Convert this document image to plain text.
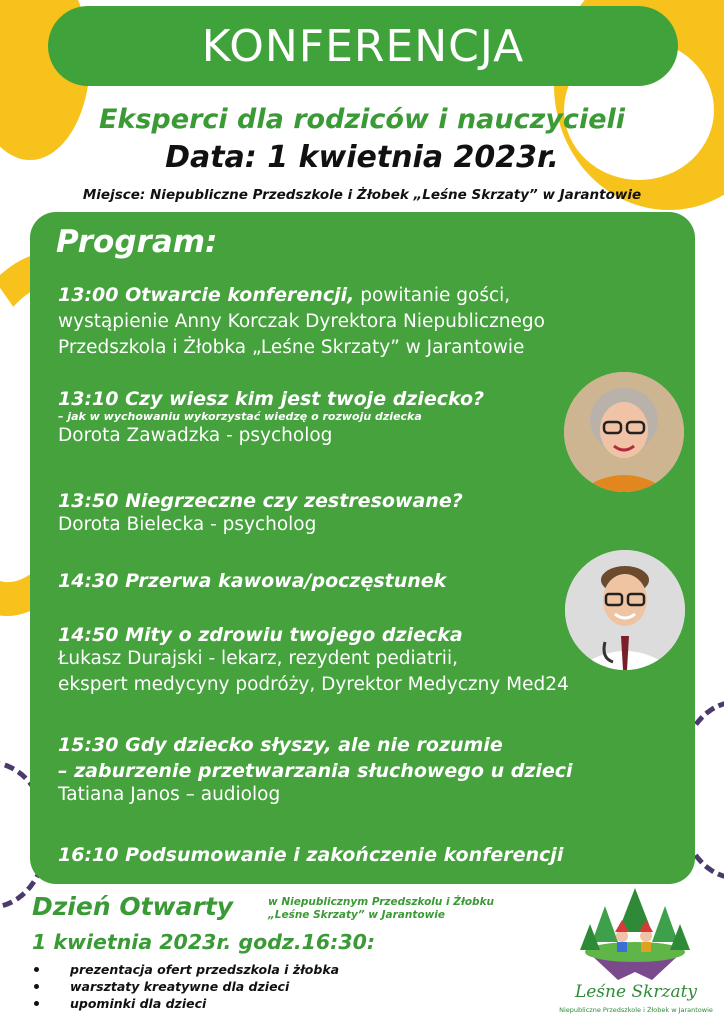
KONFERENCJA
Eksperci dla rodziców i nauczycieli
Data: 1 kwietnia 2023r.
Miejsce: Niepubliczne Przedszkole i Żłobek „Leśne Skrzaty” w Jarantowie
Program:
13:00 Otwarcie konferencji, powitanie gości,
wystąpienie Anny Korczak Dyrektora Niepublicznego
Przedszkola i Żłobka „Leśne Skrzaty” w Jarantowie
13:10 Czy wiesz kim jest twoje dziecko?
– jak w wychowaniu wykorzystać wiedzę o rozwoju dziecka
Dorota Zawadzka - psycholog
13:50 Niegrzeczne czy zestresowane?
Dorota Bielecka - psycholog
14:30 Przerwa kawowa/poczęstunek
14:50 Mity o zdrowiu twojego dziecka
Łukasz Durajski - lekarz, rezydent pediatrii,
ekspert medycyny podróży, Dyrektor Medyczny Med24
15:30 Gdy dziecko słyszy, ale nie rozumie
– zaburzenie przetwarzania słuchowego u dzieci
Tatiana Janos – audiolog
16:10 Podsumowanie i zakończenie konferencji
Dzień Otwarty	w Niepublicznym Przedszkolu i Żłobku
„Leśne Skrzaty” w Jarantowie
1 kwietnia 2023r. godz.16:30:
prezentacja ofert przedszkola i żłobka
warsztaty kreatywne dla dzieci
upominki dla dzieci
Leśne Skrzaty
Niepubliczne Przedszkole i Żłobek w Jarantowie
